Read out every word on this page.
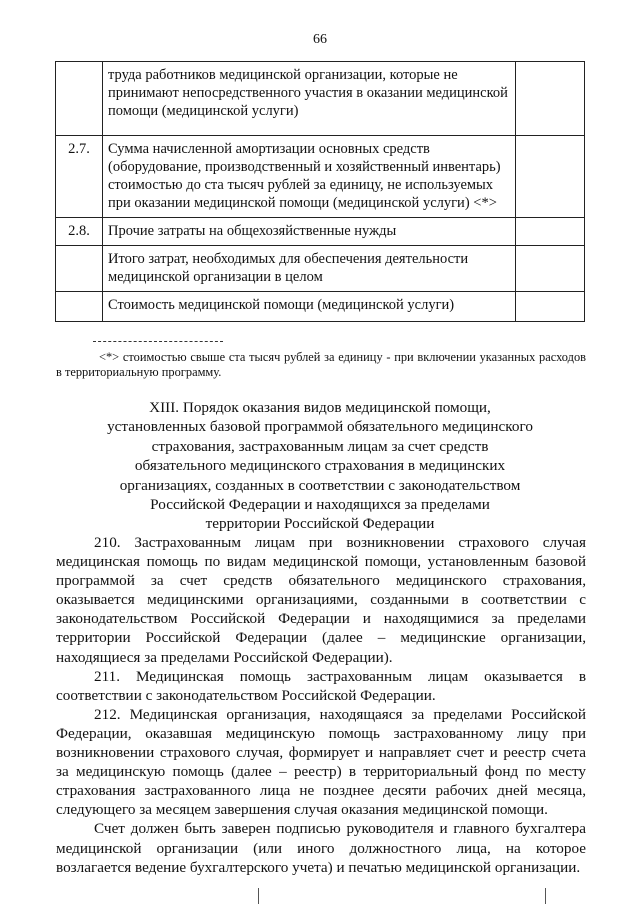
66
	труда работников медицинской организации, которые не принимают непосредственного участия в оказании медицинской помощи (медицинской услуги)	
2.7.	Сумма начисленной амортизации основных средств (оборудование, производственный и хозяйственный инвентарь) стоимостью до ста тысяч рублей за единицу, не используемых при оказании медицинской помощи (медицинской услуги) <*>	
2.8.	Прочие затраты на общехозяйственные нужды	
	Итого затрат, необходимых для обеспечения деятельности медицинской организации в целом	
	Стоимость медицинской помощи (медицинской услуги)	
<*> стоимостью свыше ста тысяч рублей за единицу - при включении указанных расходов в территориальную программу.
XIII. Порядок оказания видов медицинской помощи,
установленных базовой программой обязательного медицинского
страхования, застрахованным лицам за счет средств
обязательного медицинского страхования в медицинских
организациях, созданных в соответствии с законодательством
Российской Федерации и находящихся за пределами
территории Российской Федерации

210. Застрахованным лицам при возникновении страхового случая медицинская помощь по видам медицинской помощи, установленным базовой программой за счет средств обязательного медицинского страхования, оказывается медицинскими организациями, созданными в соответствии с законодательством Российской Федерации и находящимися за пределами территории Российской Федерации (далее – медицинские организации, находящиеся за пределами Российской Федерации).

211. Медицинская помощь застрахованным лицам оказывается в соответствии с законодательством Российской Федерации.

212. Медицинская организация, находящаяся за пределами Российской Федерации, оказавшая медицинскую помощь застрахованному лицу при возникновении страхового случая, формирует и направляет счет и реестр счета за медицинскую помощь (далее – реестр) в территориальный фонд по месту страхования застрахованного лица не позднее десяти рабочих дней месяца, следующего за месяцем завершения случая оказания медицинской помощи.

Счет должен быть заверен подписью руководителя и главного бухгалтера медицинской организации (или иного должностного лица, на которое возлагается ведение бухгалтерского учета) и печатью медицинской организации.
